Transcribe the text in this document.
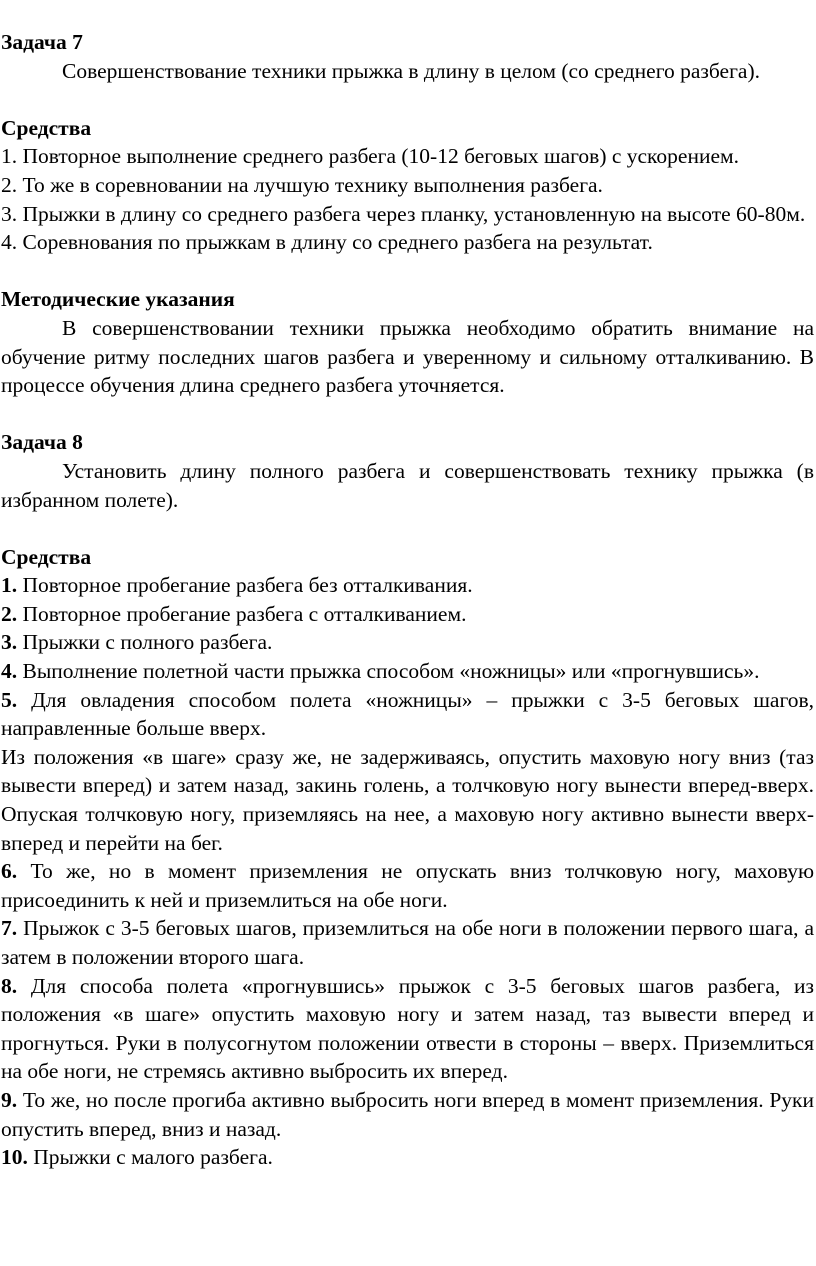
Задача 7

Совершенствование техники прыжка в длину в целом (со среднего разбега).

Средства

1. Повторное выполнение среднего разбега (10-12 беговых шагов) с ускорением.
2. То же в соревновании на лучшую технику выполнения разбега.
3. Прыжки в длину со среднего разбега через планку, установленную на высоте 60-80м.
4. Соревнования по прыжкам в длину со среднего разбега на результат.

Методические указания

В совершенствовании техники прыжка необходимо обратить внимание на обучение ритму последних шагов разбега и уверенному и сильному отталкиванию. В процессе обучения длина среднего разбега уточняется.

Задача 8

Установить длину полного разбега и совершенствовать технику прыжка (в избранном полете).

Средства

1. Повторное пробегание разбега без отталкивания.
2. Повторное пробегание разбега с отталкиванием.
3. Прыжки с полного разбега.
4. Выполнение полетной части прыжка способом «ножницы» или «прогнувшись».
5. Для овладения способом полета «ножницы» – прыжки с 3-5 беговых шагов, направленные больше вверх.
Из положения «в шаге» сразу же, не задерживаясь, опустить маховую ногу вниз (таз вывести вперед) и затем назад, закинь голень, а толчковую ногу вынести вперед-вверх. Опуская толчковую ногу, приземляясь на нее, а маховую ногу активно вынести вверх-вперед и перейти на бег.
6. То же, но в момент приземления не опускать вниз толчковую ногу, маховую присоединить к ней и приземлиться на обе ноги.
7. Прыжок с 3-5 беговых шагов, приземлиться на обе ноги в положении первого шага, а затем в положении второго шага.
8. Для способа полета «прогнувшись» прыжок с 3-5 беговых шагов разбега, из положения «в шаге» опустить маховую ногу и затем назад, таз вывести вперед и прогнуться. Руки в полусогнутом положении отвести в стороны – вверх. Приземлиться на обе ноги, не стремясь активно выбросить их вперед.
9. То же, но после прогиба активно выбросить ноги вперед в момент приземления. Руки опустить вперед, вниз и назад.
10. Прыжки с малого разбега.
